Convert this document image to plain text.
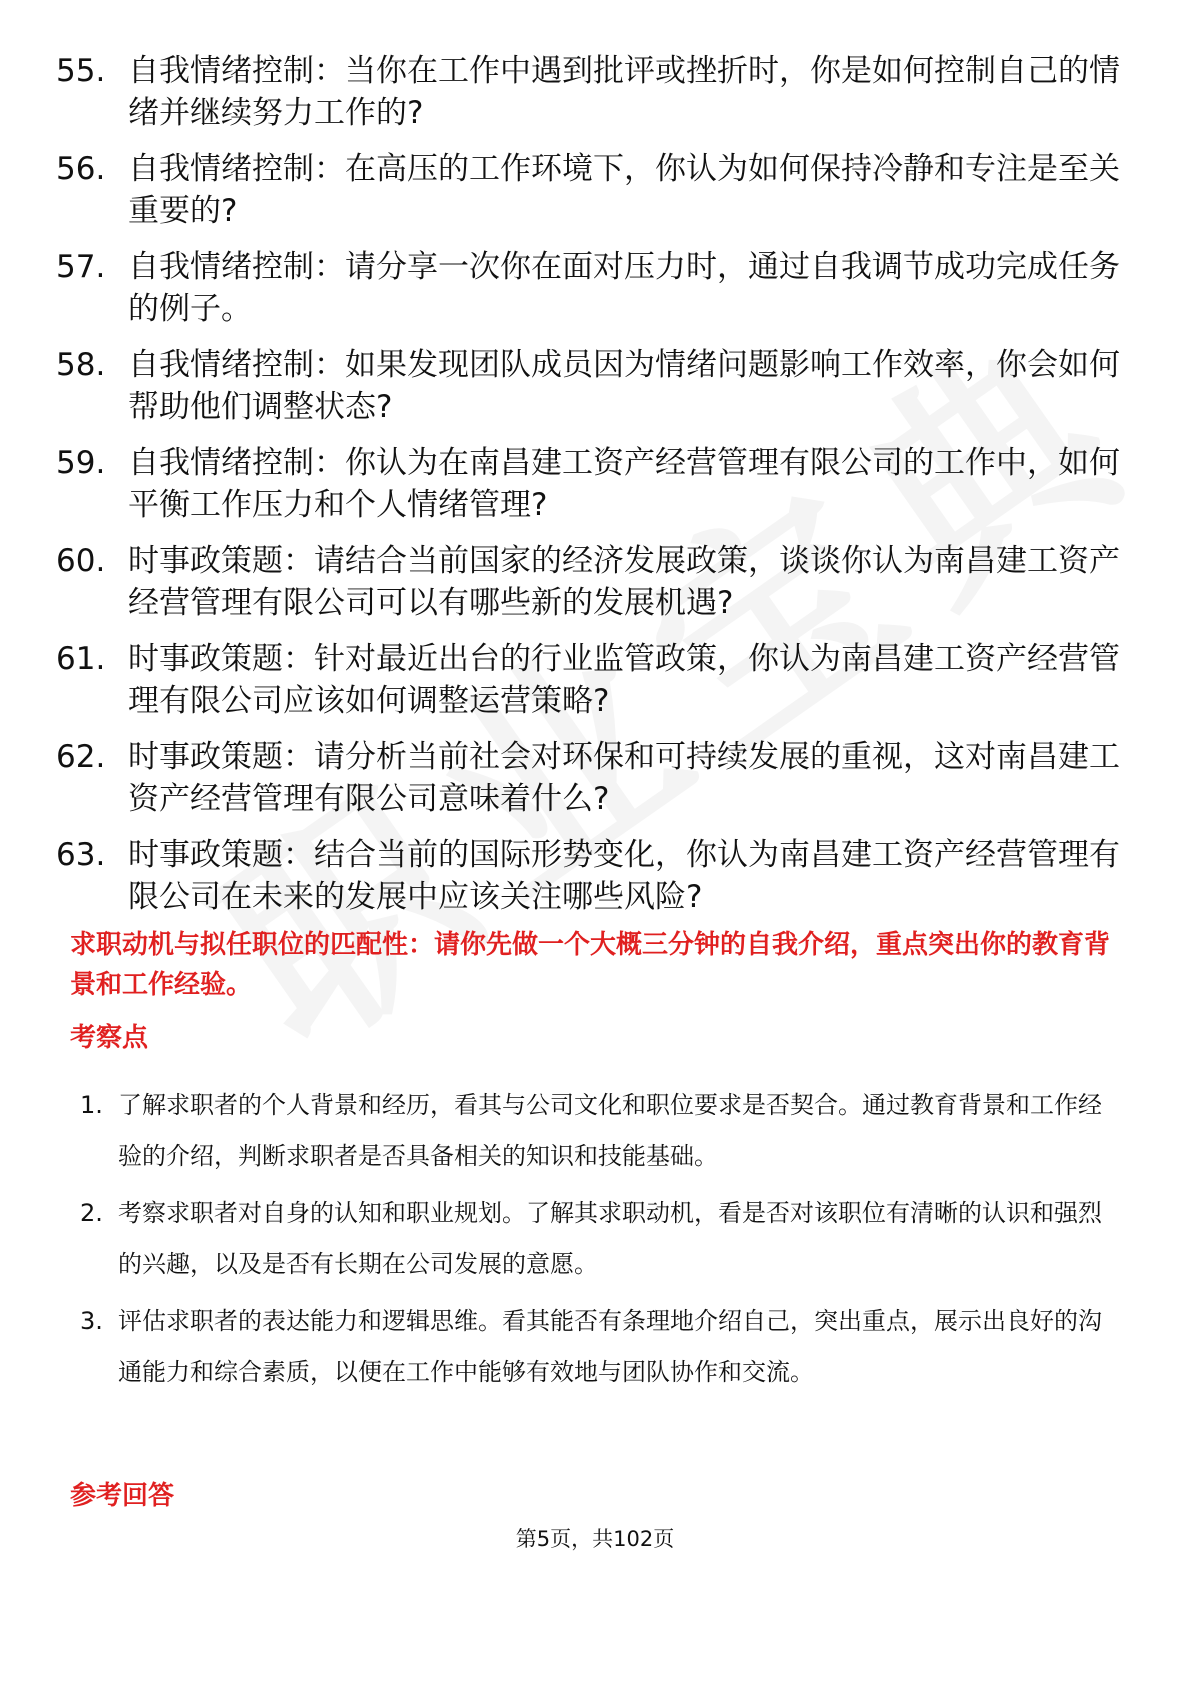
55. 自我情绪控制：当你在工作中遇到批评或挫折时，你是如何控制自己的情绪并继续努力工作的?
56. 自我情绪控制：在高压的工作环境下，你认为如何保持冷静和专注是至关重要的?
57. 自我情绪控制：请分享一次你在面对压力时，通过自我调节成功完成任务的例子。
58. 自我情绪控制：如果发现团队成员因为情绪问题影响工作效率，你会如何帮助他们调整状态?
59. 自我情绪控制：你认为在南昌建工资产经营管理有限公司的工作中，如何平衡工作压力和个人情绪管理?
60. 时事政策题：请结合当前国家的经济发展政策，谈谈你认为南昌建工资产经营管理有限公司可以有哪些新的发展机遇?
61. 时事政策题：针对最近出台的行业监管政策，你认为南昌建工资产经营管理有限公司应该如何调整运营策略?
62. 时事政策题：请分析当前社会对环保和可持续发展的重视，这对南昌建工资产经营管理有限公司意味着什么?
63. 时事政策题：结合当前的国际形势变化，你认为南昌建工资产经营管理有限公司在未来的发展中应该关注哪些风险?
求职动机与拟任职位的匹配性：请你先做一个大概三分钟的自我介绍，重点突出你的教育背景和工作经验。
考察点
1. 了解求职者的个人背景和经历，看其与公司文化和职位要求是否契合。通过教育背景和工作经验的介绍，判断求职者是否具备相关的知识和技能基础。
2. 考察求职者对自身的认知和职业规划。了解其求职动机，看是否对该职位有清晰的认识和强烈的兴趣，以及是否有长期在公司发展的意愿。
3. 评估求职者的表达能力和逻辑思维。看其能否有条理地介绍自己，突出重点，展示出良好的沟通能力和综合素质，以便在工作中能够有效地与团队协作和交流。
参考回答
第5页，共102页
